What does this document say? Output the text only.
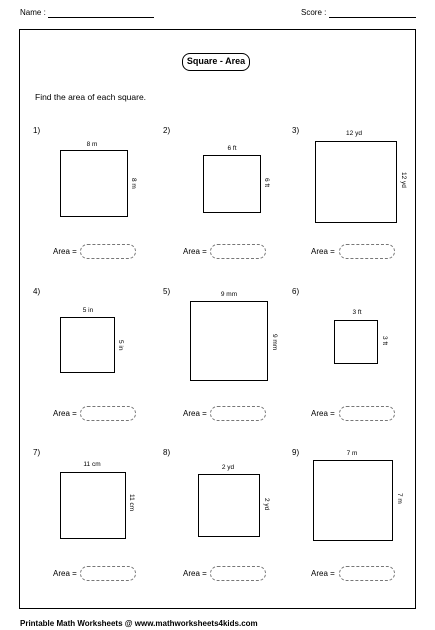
Name :	Score :
Square - Area
Find the area of each square.
1)
8 m
8 m
Area =
2)
6 ft
6 ft
Area =
3)	12 yd
12 yd
Area =
4)
5 in
5 in
Area =
5)	9 mm
9 mm
Area =
6)
3 ft
3 ft
Area =
7)
11 cm
11 cm
Area =
8)
2 yd
2 yd
Area =
9)	7 m
7 m
Area =
Printable Math Worksheets @ www.mathworksheets4kids.com
